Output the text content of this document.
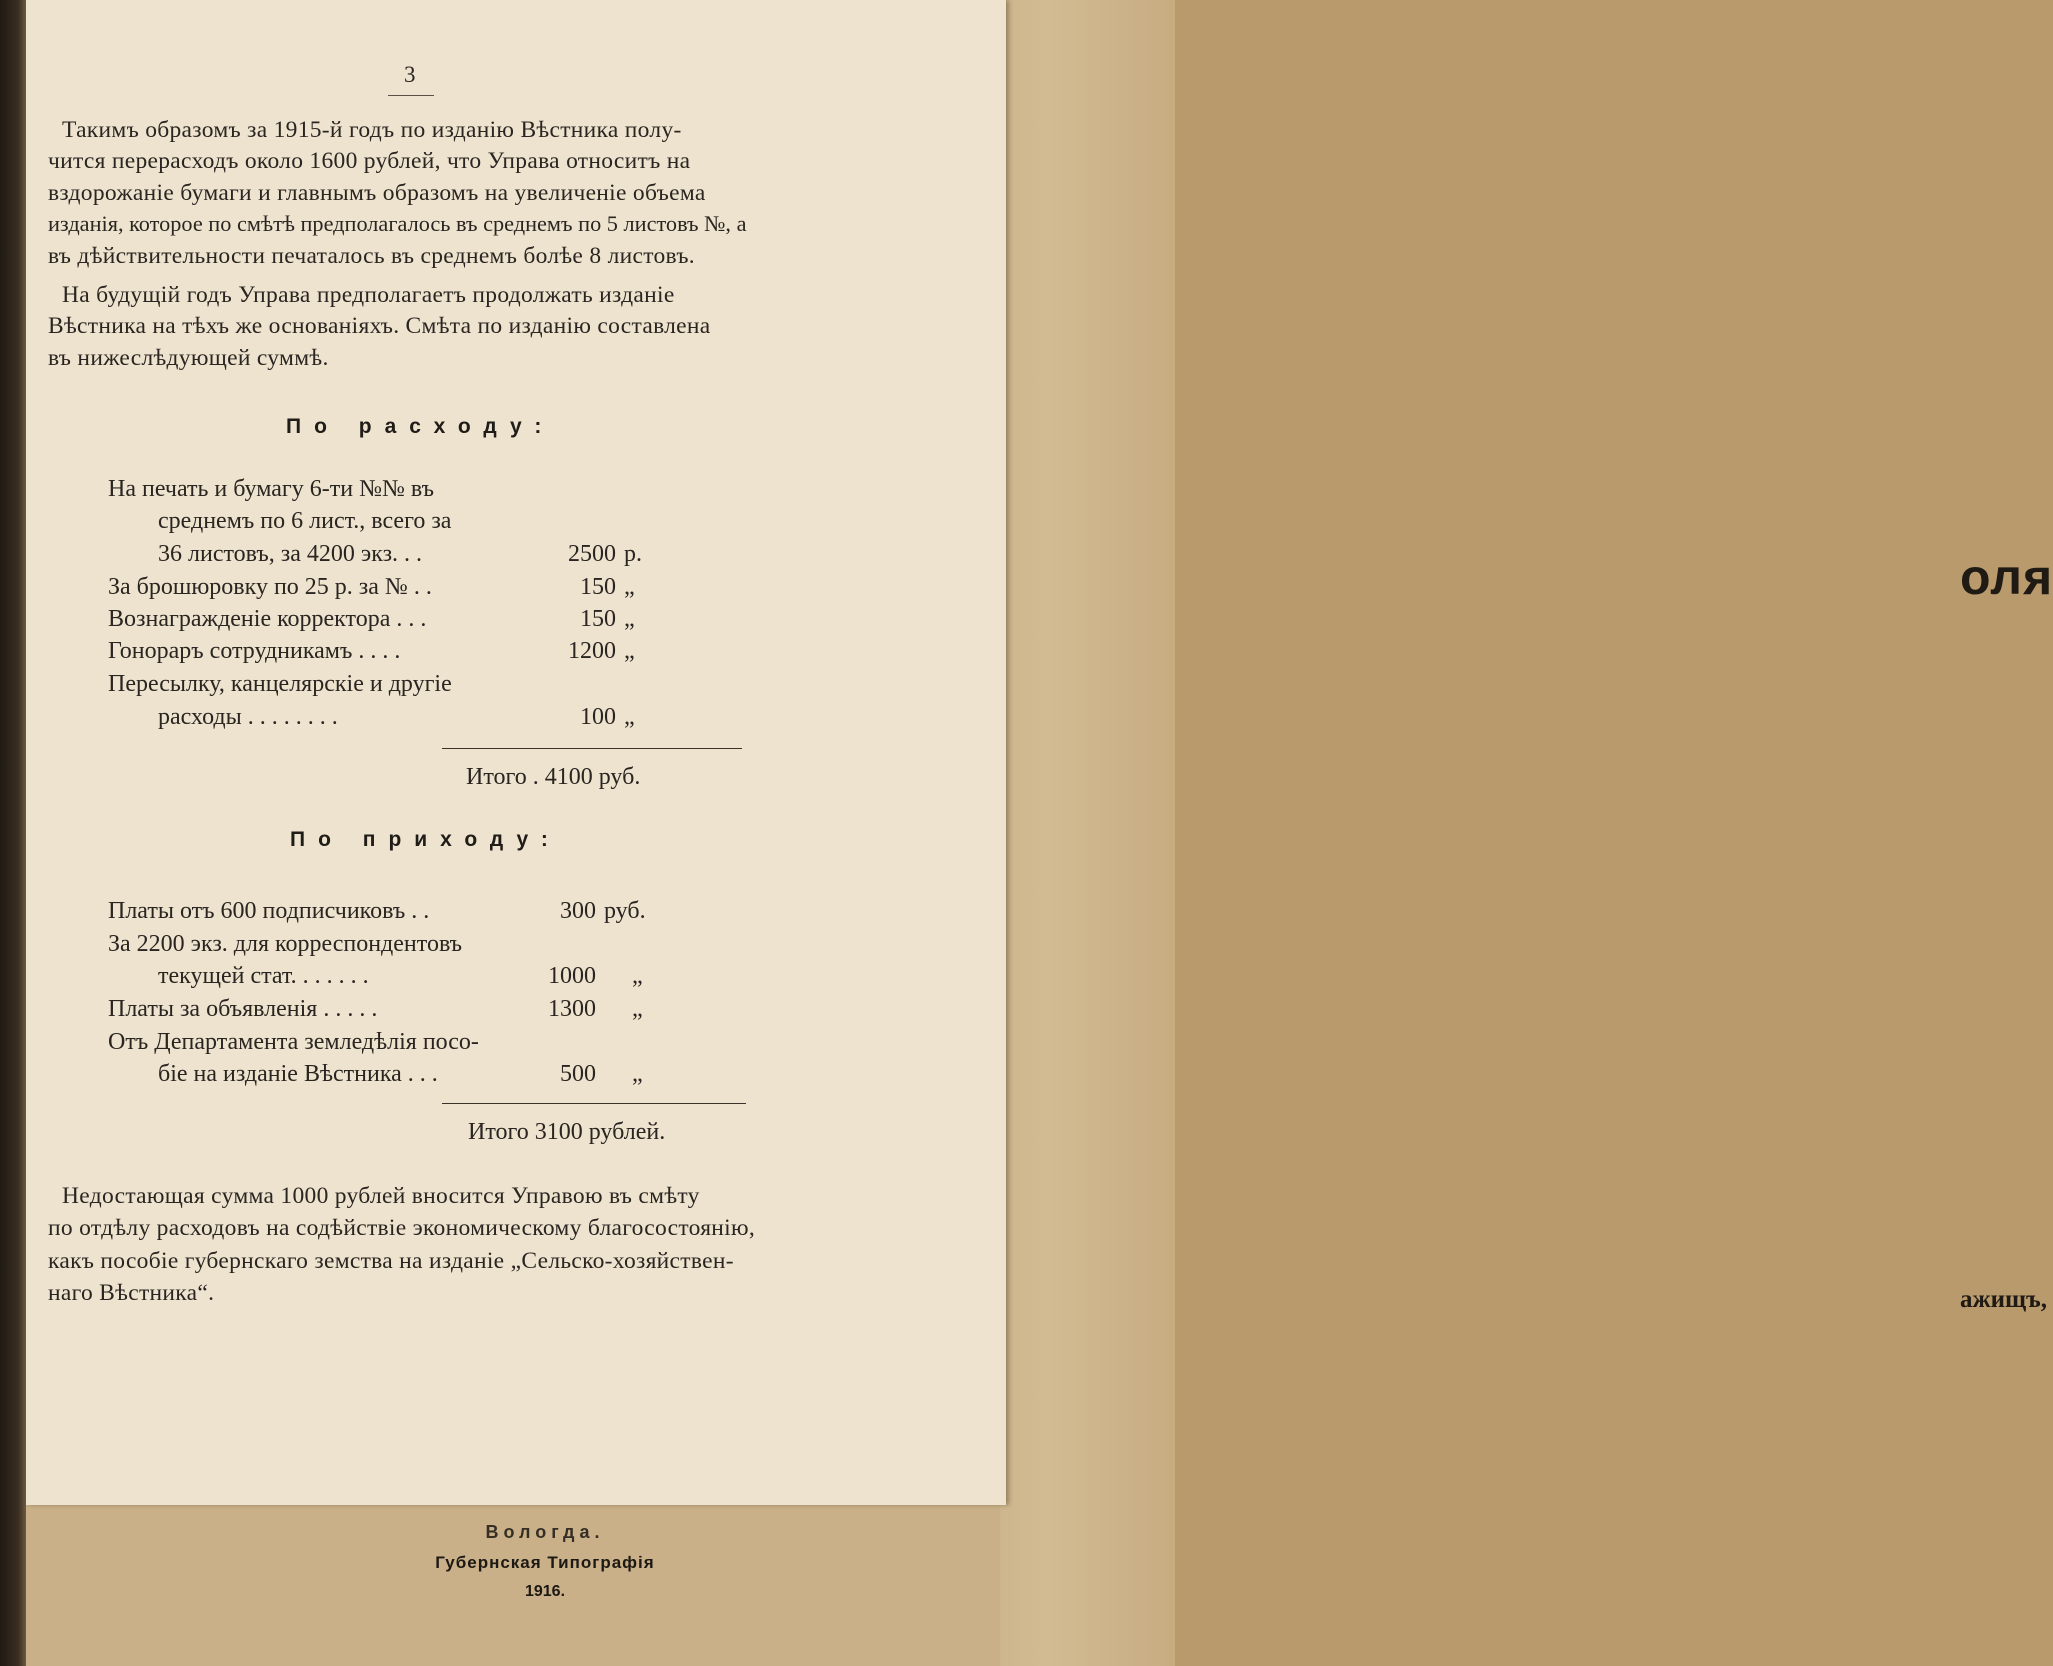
оля
ажищъ,
Вологда.
Губернская Типографія
1916.
3
Такимъ образомъ за 1915-й годъ по изданію Вѣстника полу-
чится перерасходъ около 1600 рублей, что Управа относитъ на
вздорожаніе бумаги и главнымъ образомъ на увеличеніе объема
изданія, которое по смѣтѣ предполагалось въ среднемъ по 5 листовъ №, а
въ дѣйствительности печаталось въ среднемъ болѣе 8 листовъ.
На будущій годъ Управа предполагаетъ продолжать изданіе
Вѣстника на тѣхъ же основаніяхъ. Смѣта по изданію составлена
въ нижеслѣдующей суммѣ.
По расходу:
На печать и бумагу 6-ти №№ въ
среднемъ по 6 лист., всего за
36 листовъ, за 4200 экз. . .	2500 р.
За брошюровку по 25 р. за № . .	150 „
Вознагражденіе корректора . . .	150 „
Гонораръ сотрудникамъ . . . .	1200 „
Пересылку, канцелярскіе и другіе
расходы . . . . . . . .	100 „
Итого . 4100 руб.
По приходу:
Платы отъ 600 подписчиковъ . .	300 руб.
За 2200 экз. для корреспондентовъ
текущей стат. . . . . . .	1000 „
Платы за объявленія . . . . .	1300 „
Отъ Департамента земледѣлія посо-
біе на изданіе Вѣстника . . .	500 „
Итого 3100 рублей.
Недостающая сумма 1000 рублей вносится Управою въ смѣту
по отдѣлу расходовъ на содѣйствіе экономическому благосостоянію,
какъ пособіе губернскаго земства на изданіе „Сельско-хозяйствен-
наго Вѣстника“.
